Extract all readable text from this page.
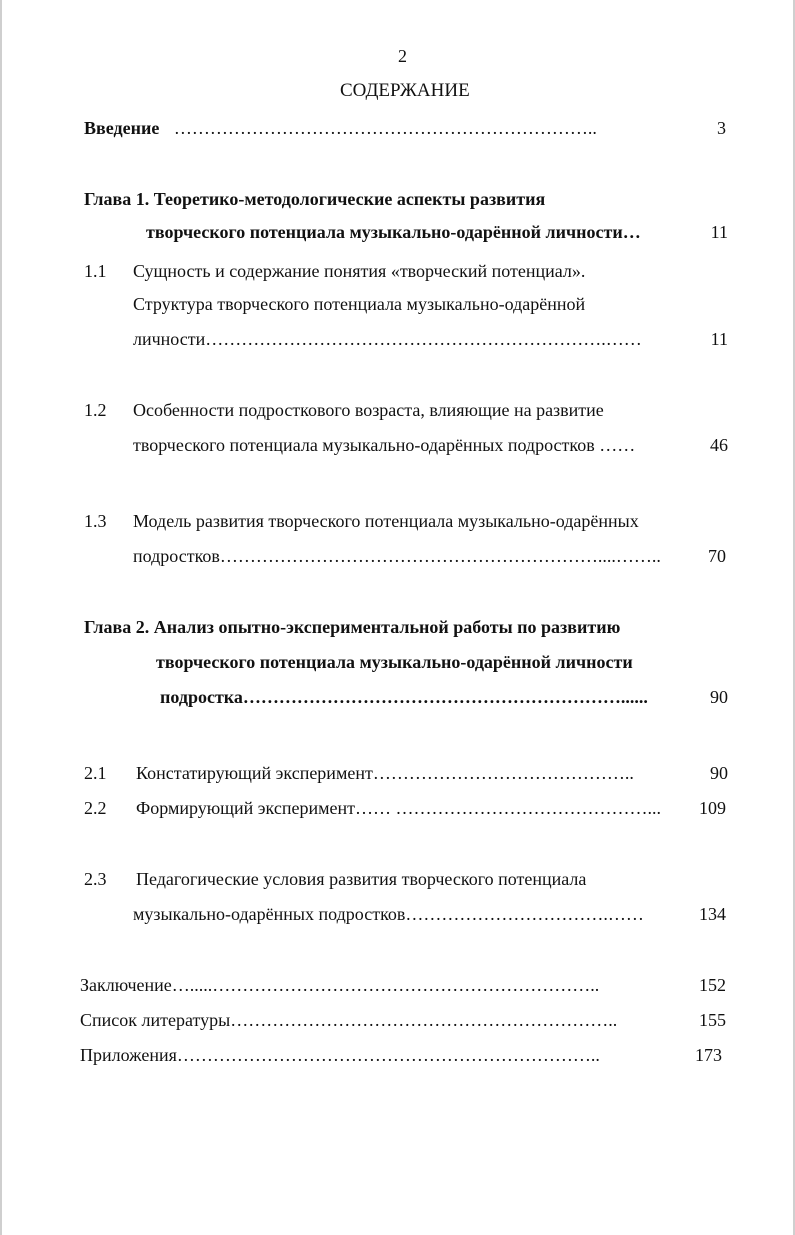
2
СОДЕРЖАНИЕ
Введение ……………………………………………………………..	3
Глава 1. Теоретико-методологические аспекты развития
творческого потенциала музыкально-одарённой личности…	11
1.1 Сущность и содержание понятия «творческий потенциал».
Структура творческого потенциала музыкально-одарённой
личности………………………………………………………….……	11
1.2 Особенности подросткового возраста, влияющие на развитие
творческого потенциала музыкально-одарённых подростков ……	46
1.3 Модель развития творческого потенциала музыкально-одарённых
подростков………………………………………………………....……..	70
Глава 2. Анализ опытно-экспериментальной работы по развитию
творческого потенциала музыкально-одарённой личности
подростка………………………………………………………......	90
2.1 Констатирующий эксперимент……………………………………..	90
2.2 Формирующий эксперимент…… ……………………………………...	109
2.3 Педагогические условия развития творческого потенциала
музыкально-одарённых подростков…………………………….……	134
Заключение….....………………………………………………………..	152
Список литературы………………………………………………………..	155
Приложения……………………………………………………………..	173
